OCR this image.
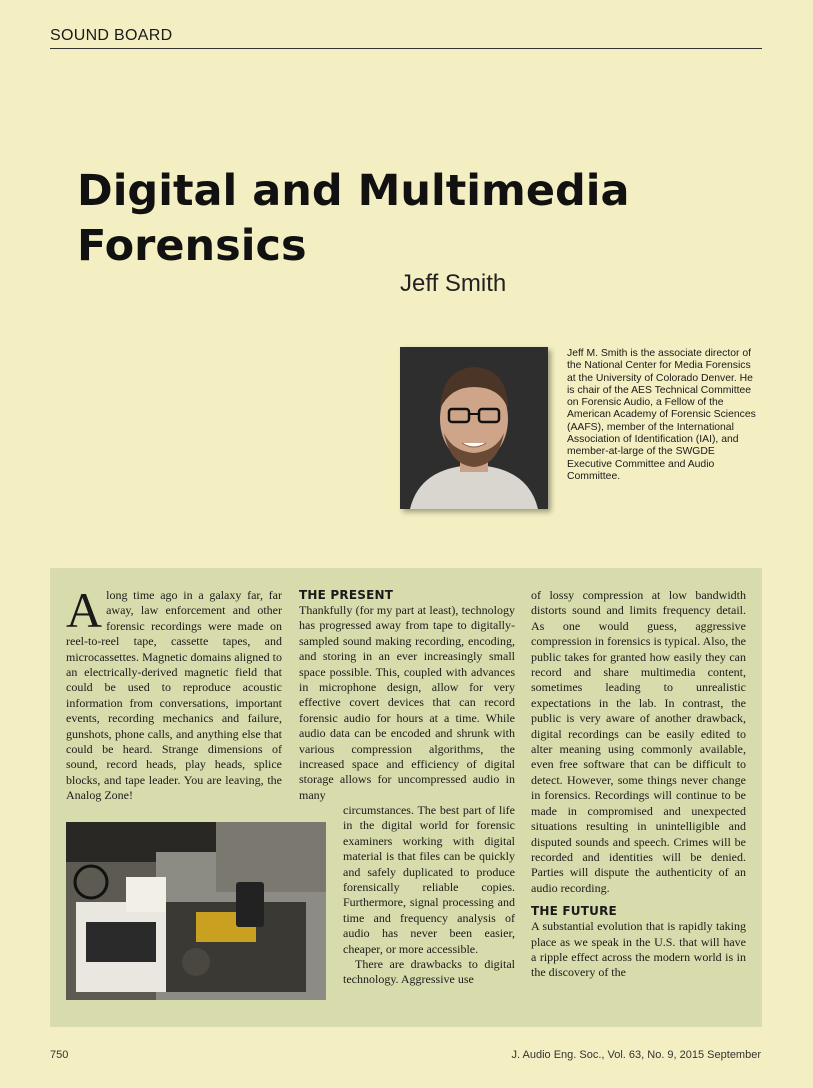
SOUND BOARD
Digital and Multimedia
Forensics
Jeff Smith
Jeff M. Smith is the associate director of the National Center for Media Forensics at the University of Colorado Denver. He is chair of the AES Technical Committee on Forensic Audio, a Fellow of the American Academy of Forensic Sciences (AAFS), member of the International Association of Identification (IAI), and member-at-large of the SWGDE Executive Committee and Audio Committee.
A long time ago in a galaxy far, far away, law enforcement and other forensic recordings were made on reel-to-reel tape, cassette tapes, and microcassettes. Magnetic domains aligned to an electrically-derived magnetic field that could be used to reproduce acoustic information from conversations, important events, recording mechanics and failure, gunshots, phone calls, and anything else that could be heard. Strange dimensions of sound, record heads, play heads, splice blocks, and tape leader. You are leaving, the Analog Zone!

THE PRESENT

Thankfully (for my part at least), technology has progressed away from tape to digitally-sampled sound making recording, encoding, and storing in an ever increasingly small space possible. This, coupled with advances in microphone design, allow for very effective covert devices that can record forensic audio for hours at a time. While audio data can be encoded and shrunk with various compression algorithms, the increased space and efficiency of digital storage allows for uncompressed audio in many

circumstances. The best part of life in the digital world for forensic examiners working with digital material is that files can be quickly and safely duplicated to produce forensically reliable copies. Furthermore, signal processing and time and frequency analysis of audio has never been easier, cheaper, or more accessible.

There are drawbacks to digital technology. Aggressive use

of lossy compression at low bandwidth distorts sound and limits frequency detail. As one would guess, aggressive compression in forensics is typical. Also, the public takes for granted how easily they can record and share multimedia content, sometimes leading to unrealistic expectations in the lab. In contrast, the public is very aware of another drawback, digital recordings can be easily edited to alter meaning using commonly available, even free software that can be difficult to detect. However, some things never change in forensics. Recordings will continue to be made in compromised and unexpected situations resulting in unintelligible and disputed sounds and speech. Crimes will be recorded and identities will be denied. Parties will dispute the authenticity of an audio recording.

THE FUTURE

A substantial evolution that is rapidly taking place as we speak in the U.S. that will have a ripple effect across the modern world is in the discovery of the

750	J. Audio Eng. Soc., Vol. 63, No. 9, 2015 September
